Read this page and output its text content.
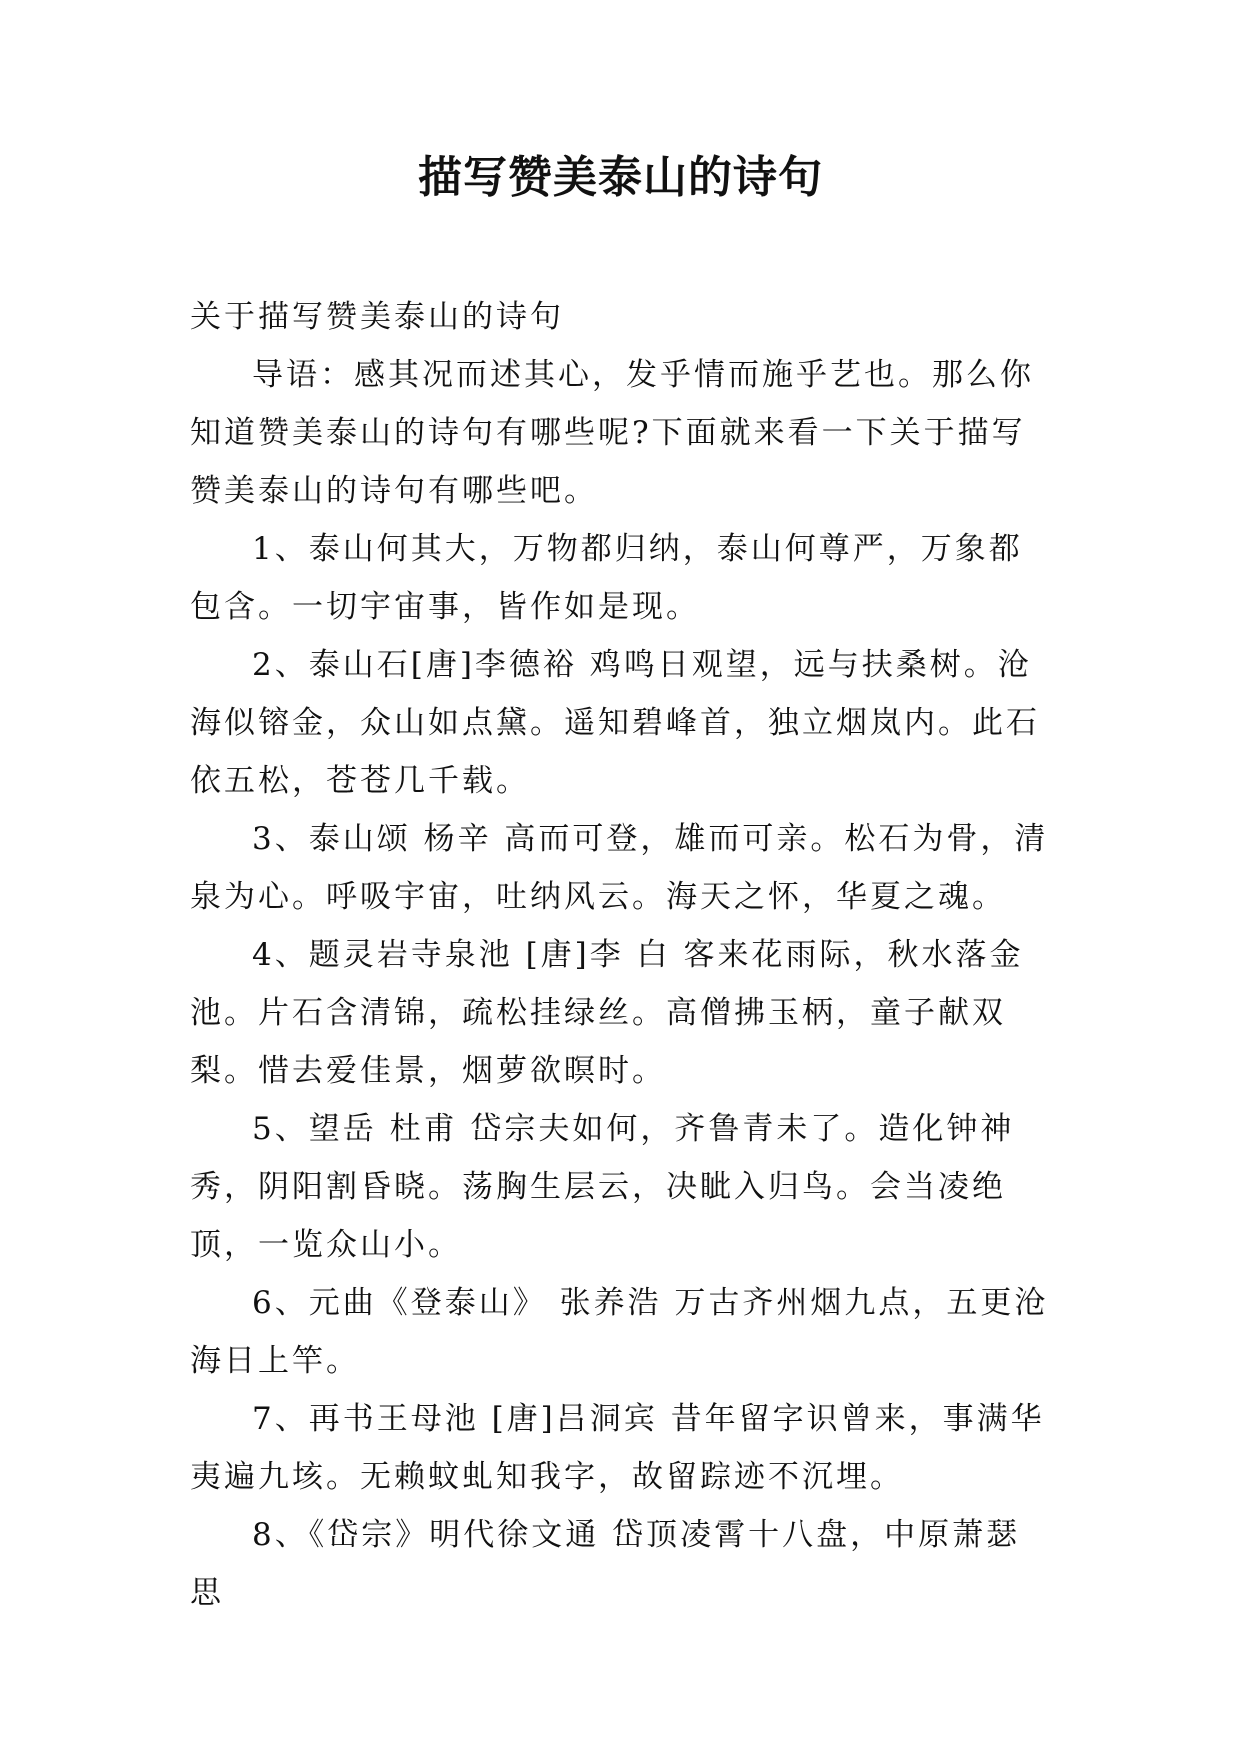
描写赞美泰山的诗句

关于描写赞美泰山的诗句

导语：感其况而述其心，发乎情而施乎艺也。那么你知道赞美泰山的诗句有哪些呢?下面就来看一下关于描写赞美泰山的诗句有哪些吧。

1、泰山何其大，万物都归纳，泰山何尊严，万象都包含。一切宇宙事，皆作如是现。

2、泰山石[唐]李德裕 鸡鸣日观望，远与扶桑树。沧海似镕金，众山如点黛。遥知碧峰首，独立烟岚内。此石依五松，苍苍几千载。

3、泰山颂 杨辛 高而可登，雄而可亲。松石为骨，清泉为心。呼吸宇宙，吐纳风云。海天之怀，华夏之魂。

4、题灵岩寺泉池 [唐]李 白 客来花雨际，秋水落金池。片石含清锦，疏松挂绿丝。高僧拂玉柄，童子献双梨。惜去爱佳景，烟萝欲暝时。

5、望岳 杜甫 岱宗夫如何，齐鲁青未了。造化钟神秀，阴阳割昏晓。荡胸生层云，决眦入归鸟。会当凌绝顶，一览众山小。

6、元曲《登泰山》 张养浩 万古齐州烟九点，五更沧海日上竿。

7、再书王母池 [唐]吕洞宾 昔年留字识曾来，事满华夷遍九垓。无赖蚊虬知我字，故留踪迹不沉埋。

8、《岱宗》明代徐文通 岱顶凌霄十八盘，中原萧瑟思
